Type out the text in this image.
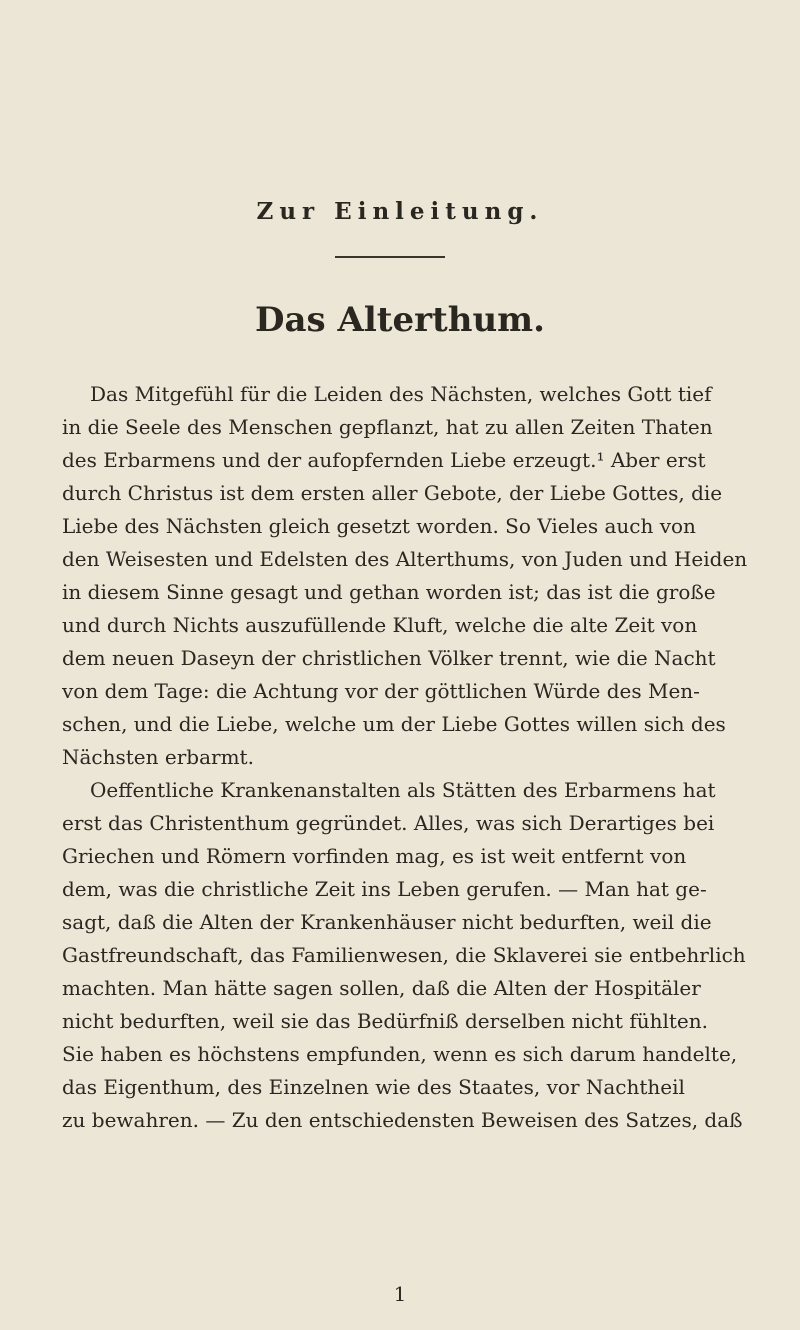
Zur Einleitung.
Das Alterthum.
Das Mitgefühl für die Leiden des Nächsten, welches Gott tief
in die Seele des Menschen gepflanzt, hat zu allen Zeiten Thaten
des Erbarmens und der aufopfernden Liebe erzeugt.¹ Aber erst
durch Christus ist dem ersten aller Gebote, der Liebe Gottes, die
Liebe des Nächsten gleich gesetzt worden. So Vieles auch von
den Weisesten und Edelsten des Alterthums, von Juden und Heiden
in diesem Sinne gesagt und gethan worden ist; das ist die große
und durch Nichts auszufüllende Kluft, welche die alte Zeit von
dem neuen Daseyn der christlichen Völker trennt, wie die Nacht
von dem Tage: die Achtung vor der göttlichen Würde des Men-
schen, und die Liebe, welche um der Liebe Gottes willen sich des
Nächsten erbarmt.
Oeffentliche Krankenanstalten als Stätten des Erbarmens hat
erst das Christenthum gegründet. Alles, was sich Derartiges bei
Griechen und Römern vorfinden mag, es ist weit entfernt von
dem, was die christliche Zeit ins Leben gerufen. — Man hat ge-
sagt, daß die Alten der Krankenhäuser nicht bedurften, weil die
Gastfreundschaft, das Familienwesen, die Sklaverei sie entbehrlich
machten. Man hätte sagen sollen, daß die Alten der Hospitäler
nicht bedurften, weil sie das Bedürfniß derselben nicht fühlten.
Sie haben es höchstens empfunden, wenn es sich darum handelte,
das Eigenthum, des Einzelnen wie des Staates, vor Nachtheil
zu bewahren. — Zu den entschiedensten Beweisen des Satzes, daß
1
